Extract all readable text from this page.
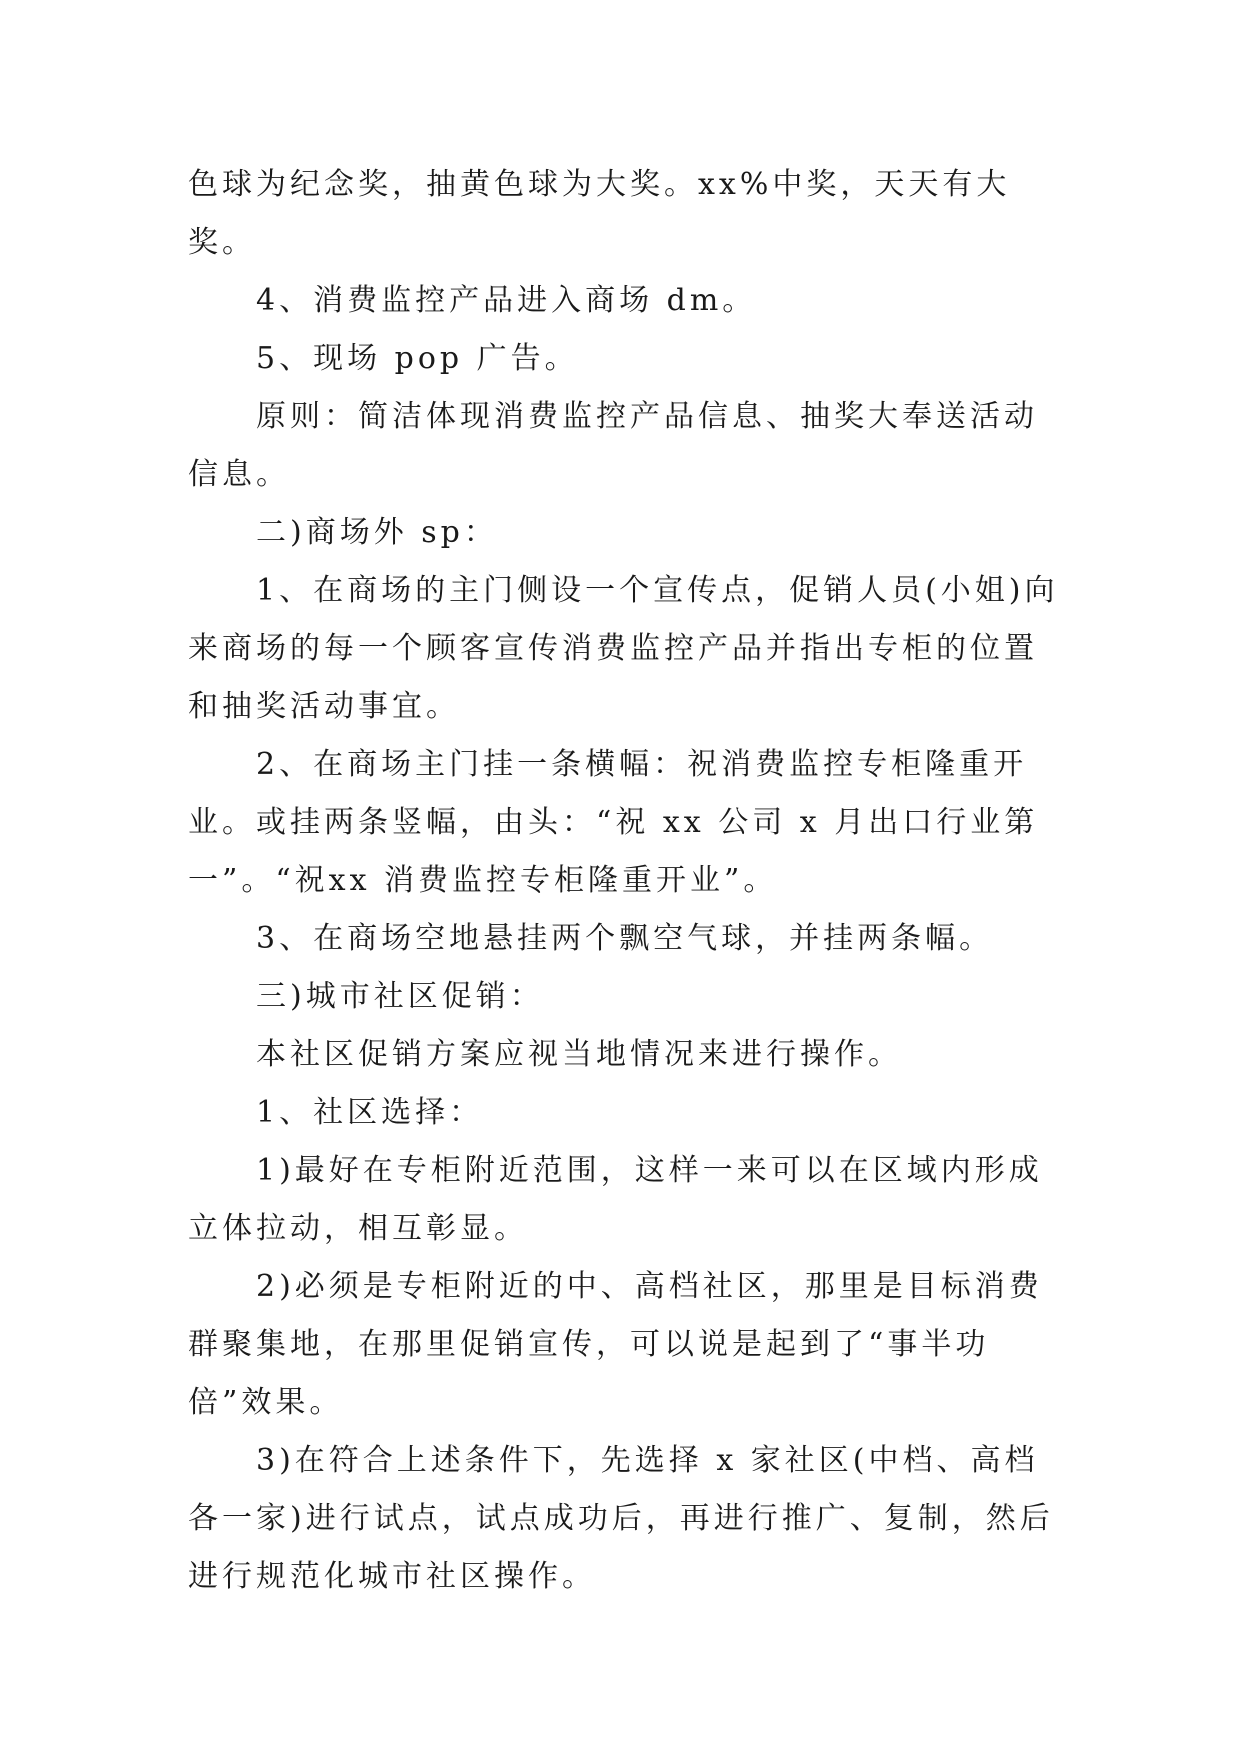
色球为纪念奖，抽黄色球为大奖。xx%中奖，天天有大奖。

4、消费监控产品进入商场 dm。

5、现场 pop 广告。

原则：简洁体现消费监控产品信息、抽奖大奉送活动信息。

二)商场外 sp：

1、在商场的主门侧设一个宣传点，促销人员(小姐)向来商场的每一个顾客宣传消费监控产品并指出专柜的位置和抽奖活动事宜。

2、在商场主门挂一条横幅：祝消费监控专柜隆重开业。或挂两条竖幅，由头：“祝 xx 公司 x 月出口行业第一”。“祝xx 消费监控专柜隆重开业”。

3、在商场空地悬挂两个飘空气球，并挂两条幅。

三)城市社区促销：

本社区促销方案应视当地情况来进行操作。

1、社区选择：

1)最好在专柜附近范围，这样一来可以在区域内形成立体拉动，相互彰显。

2)必须是专柜附近的中、高档社区，那里是目标消费群聚集地，在那里促销宣传，可以说是起到了“事半功倍”效果。

3)在符合上述条件下，先选择 x 家社区(中档、高档各一家)进行试点，试点成功后，再进行推广、复制，然后进行规范化城市社区操作。
